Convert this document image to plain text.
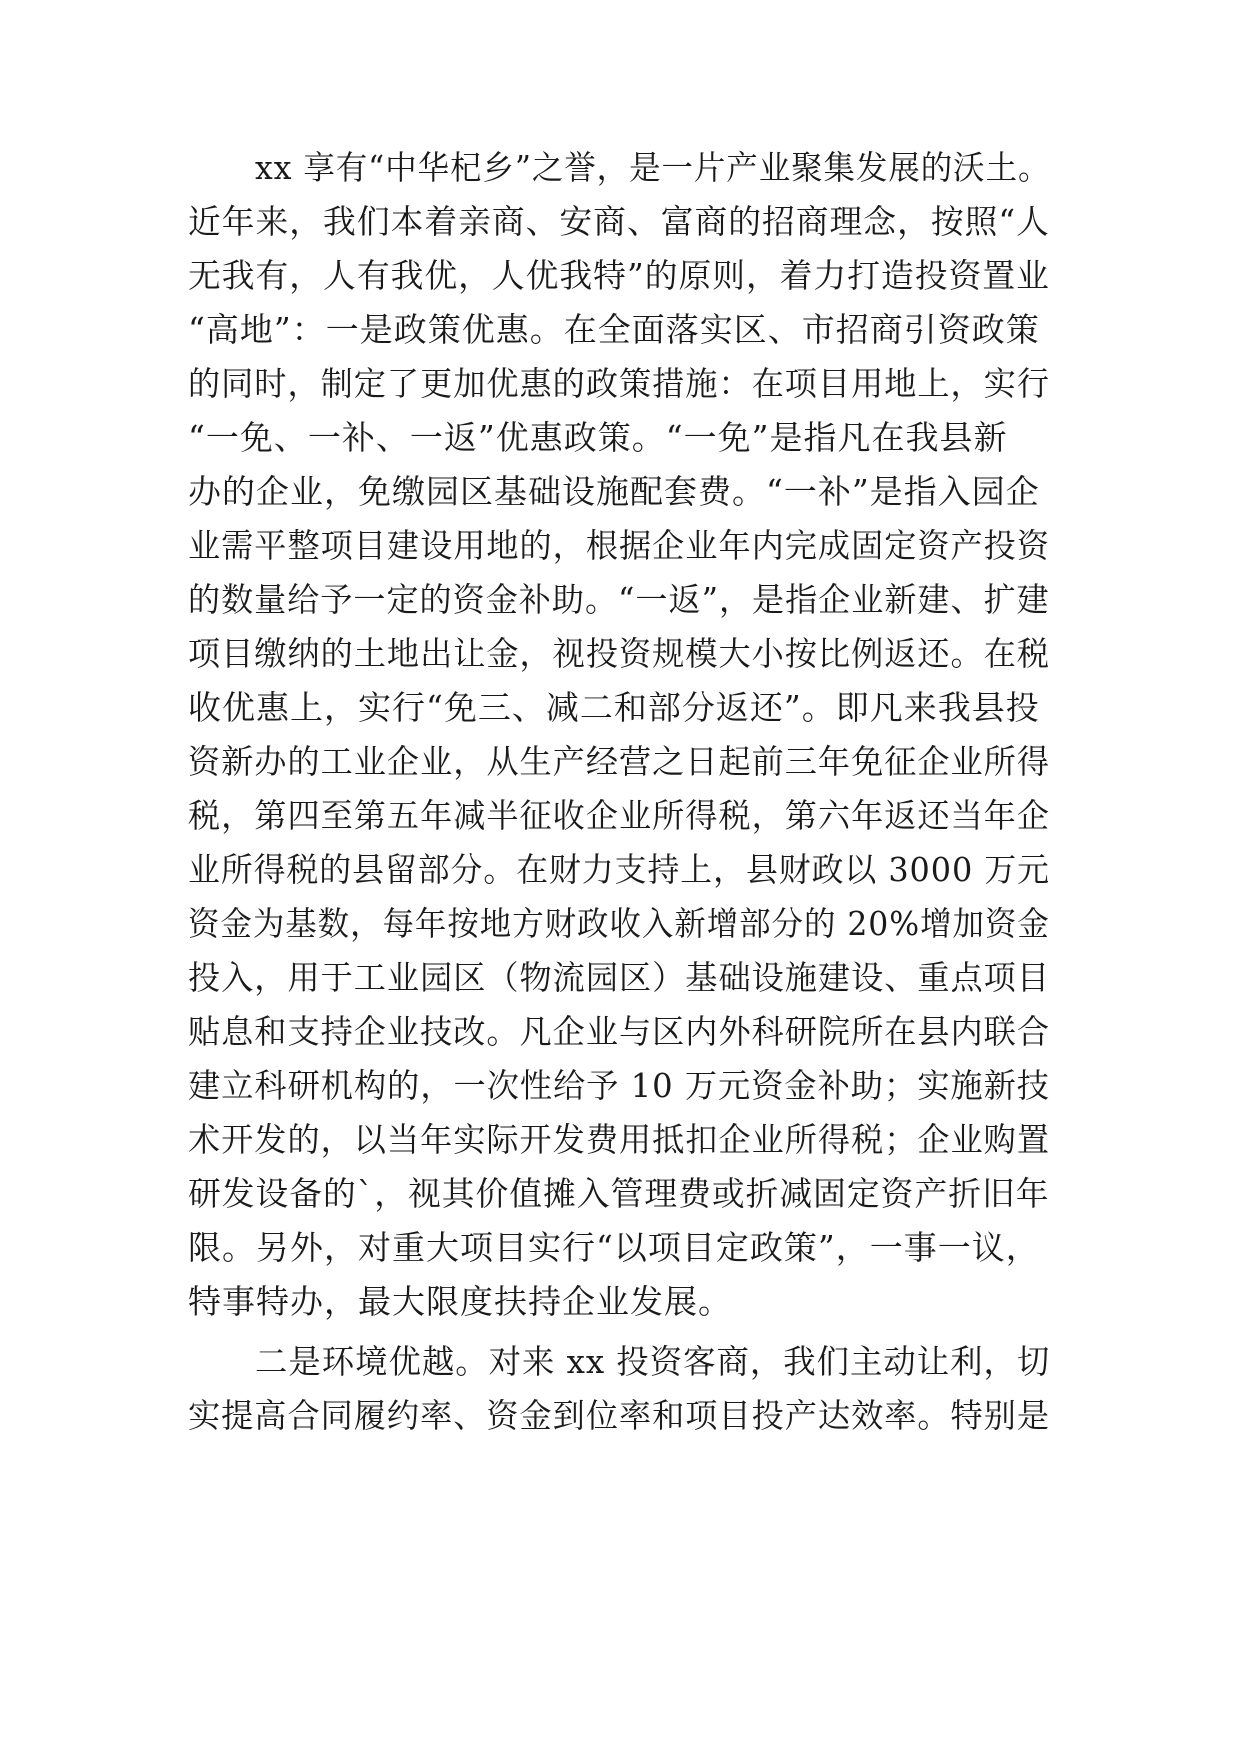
xx 享有“中华杞乡”之誉，是一片产业聚集发展的沃土。
近年来，我们本着亲商、安商、富商的招商理念，按照“人
无我有，人有我优，人优我特”的原则，着力打造投资置业
“高地”：一是政策优惠。在全面落实区、市招商引资政策
的同时，制定了更加优惠的政策措施：在项目用地上，实行
“一免、一补、一返”优惠政策。“一免”是指凡在我县新
办的企业，免缴园区基础设施配套费。“一补”是指入园企
业需平整项目建设用地的，根据企业年内完成固定资产投资
的数量给予一定的资金补助。“一返”，是指企业新建、扩建
项目缴纳的土地出让金，视投资规模大小按比例返还。在税
收优惠上，实行“免三、减二和部分返还”。即凡来我县投
资新办的工业企业，从生产经营之日起前三年免征企业所得
税，第四至第五年减半征收企业所得税，第六年返还当年企
业所得税的县留部分。在财力支持上，县财政以 3000 万元
资金为基数，每年按地方财政收入新增部分的 20%增加资金
投入，用于工业园区（物流园区）基础设施建设、重点项目
贴息和支持企业技改。凡企业与区内外科研院所在县内联合
建立科研机构的，一次性给予 10 万元资金补助；实施新技
术开发的，以当年实际开发费用抵扣企业所得税；企业购置
研发设备的`，视其价值摊入管理费或折减固定资产折旧年
限。另外，对重大项目实行“以项目定政策”，一事一议，
特事特办，最大限度扶持企业发展。
二是环境优越。对来 xx 投资客商，我们主动让利，切
实提高合同履约率、资金到位率和项目投产达效率。特别是
